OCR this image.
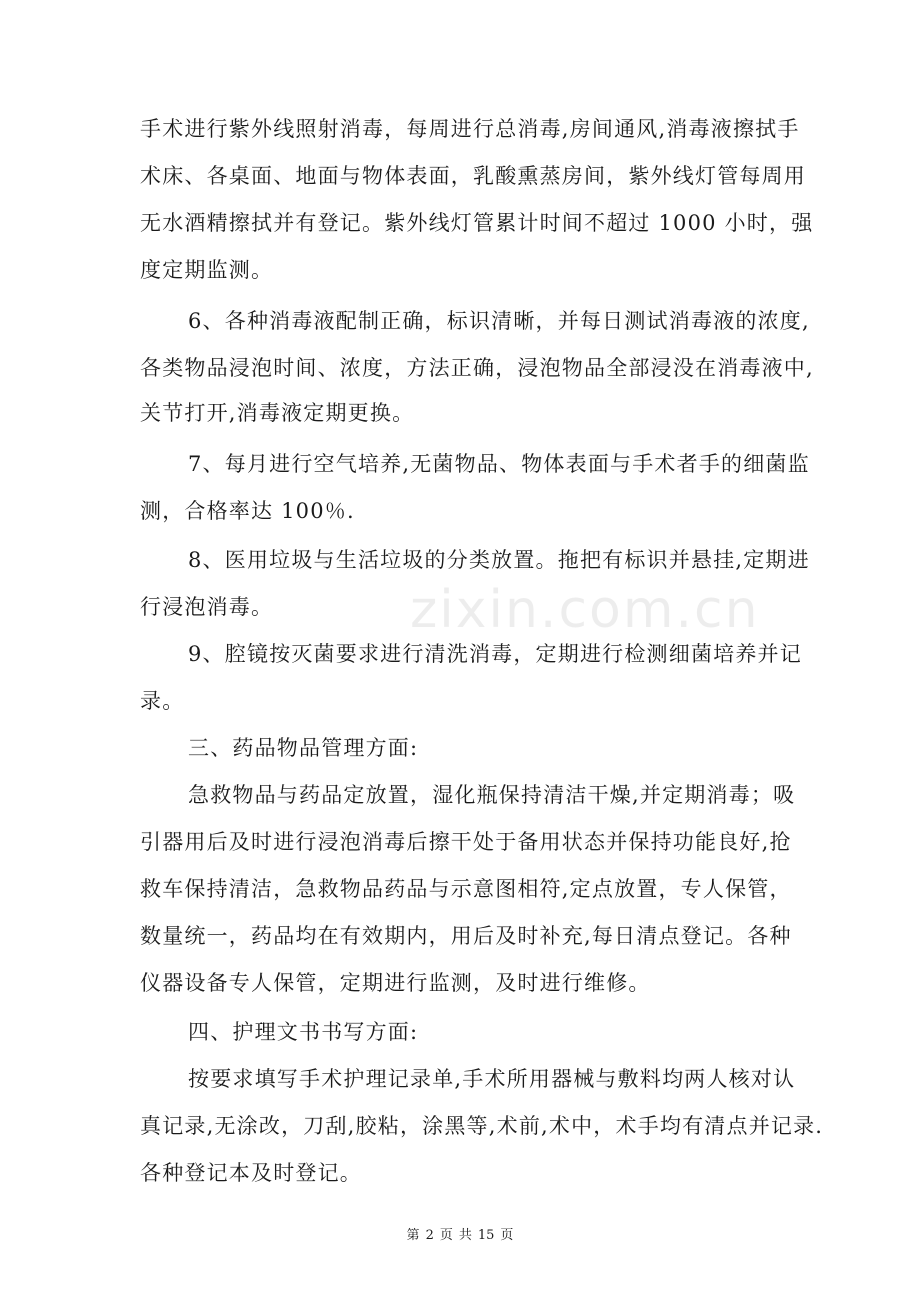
手术进行紫外线照射消毒，每周进行总消毒,房间通风,消毒液擦拭手
术床、各桌面、地面与物体表面，乳酸熏蒸房间，紫外线灯管每周用
无水酒精擦拭并有登记。紫外线灯管累计时间不超过 1000 小时，强
度定期监测。
6、各种消毒液配制正确，标识清晰，并每日测试消毒液的浓度,
各类物品浸泡时间、浓度，方法正确，浸泡物品全部浸没在消毒液中,
关节打开,消毒液定期更换。
7、每月进行空气培养,无菌物品、物体表面与手术者手的细菌监
测，合格率达 100％.
8、医用垃圾与生活垃圾的分类放置。拖把有标识并悬挂,定期进
行浸泡消毒。
9、腔镜按灭菌要求进行清洗消毒，定期进行检测细菌培养并记
录。
三、药品物品管理方面:
急救物品与药品定放置，湿化瓶保持清洁干燥,并定期消毒；吸
引器用后及时进行浸泡消毒后擦干处于备用状态并保持功能良好,抢
救车保持清洁，急救物品药品与示意图相符,定点放置，专人保管，
数量统一，药品均在有效期内，用后及时补充,每日清点登记。各种
仪器设备专人保管，定期进行监测，及时进行维修。
四、护理文书书写方面:
按要求填写手术护理记录单,手术所用器械与敷料均两人核对认
真记录,无涂改，刀刮,胶粘，涂黑等,术前,术中，术手均有清点并记录.
各种登记本及时登记。
zixin.com.cn
第 2 页 共 15 页
